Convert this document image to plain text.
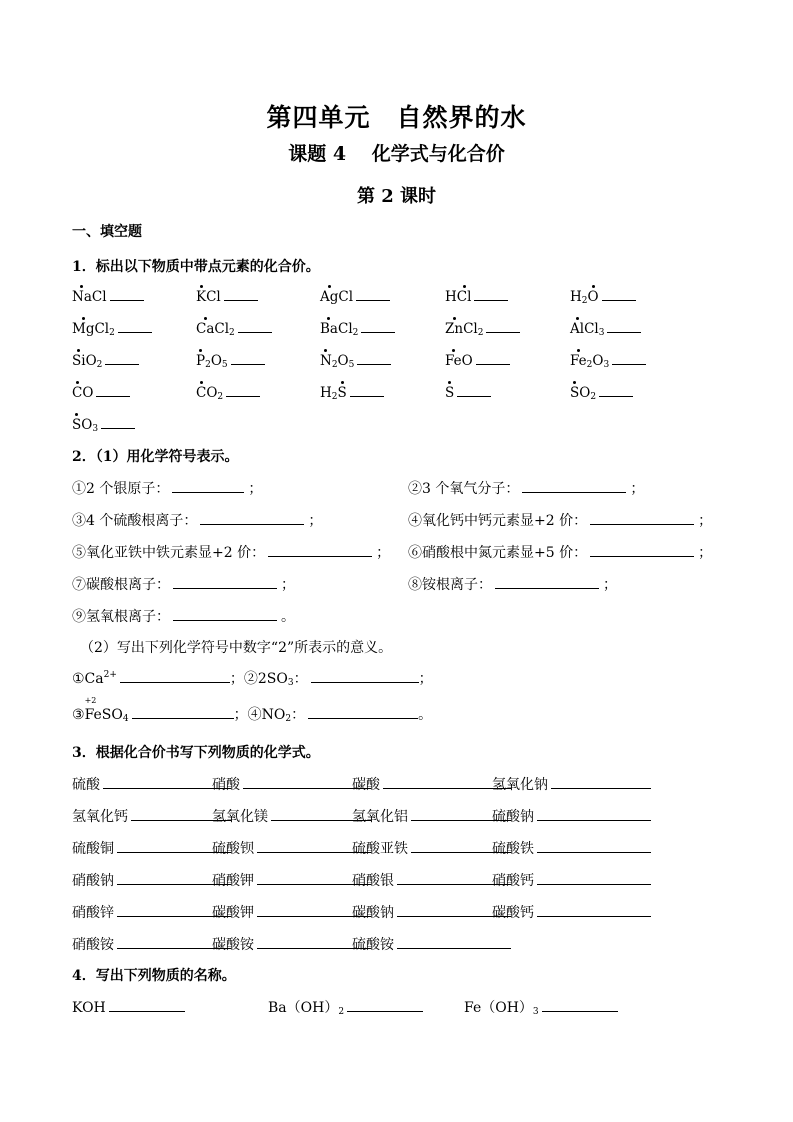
第四单元　自然界的水
课题 4　 化学式与化合价
第 2 课时
一、填空题
1．标出以下物质中带点元素的化合价。
NaCl	KCl	AgCl	HCl	$H_2O$
MgCl$_2$	CaCl$_2$	BaCl$_2$	ZnCl$_2$	AlCl$_3$
SiO$_2$	$P_2O_5$	$N_2O_5$	FeO	$Fe_2O_3$
CO	$CO_2$	$H_2S$	S	$SO_2$
$SO_3$
2．（1）用化学符号表示。
①2 个银原子：	；	②3 个氧气分子：	；
③4 个硫酸根离子：	；	④氧化钙中钙元素显+2 价：	；
⑤氧化亚铁中铁元素显+2 价：	； ⑥硝酸根中氮元素显+5 价：	；
⑦碳酸根离子：	；	⑧铵根离子：	；
⑨氢氧根离子：	。
（2）写出下列化学符号中数字“2”所表示的意义。
$①Ca^{2+}$	；$②2SO_3$：	；
③
+2
FeSO$_4$	；$④NO_2$：	。
3．根据化合价书写下列物质的化学式。
硫酸	硝酸	碳酸	氢氧化钠
氢氧化钙	氢氧化镁	氢氧化铝	硫酸钠
硫酸铜	硫酸钡	硫酸亚铁	硫酸铁
硝酸钠	硝酸钾	硝酸银	硝酸钙
硝酸锌	碳酸钾	碳酸钠	碳酸钙
硝酸铵	碳酸铵	硫酸铵
4．写出下列物质的名称。
KOH	$Ba(OH)_2$	$Fe(OH)_3$
